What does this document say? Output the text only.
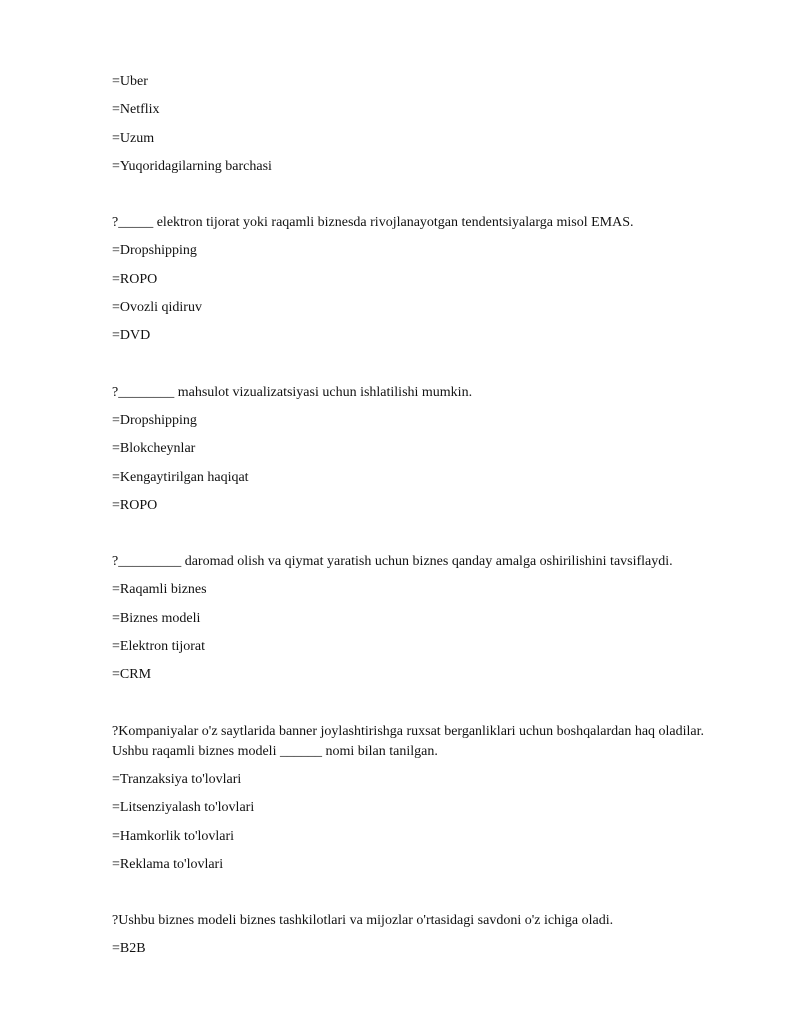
=Uber
=Netflix
=Uzum
=Yuqoridagilarning barchasi
?_____ elektron tijorat yoki raqamli biznesda rivojlanayotgan tendentsiyalarga misol EMAS.
=Dropshipping
=ROPO
=Ovozli qidiruv
=DVD
?________ mahsulot vizualizatsiyasi uchun ishlatilishi mumkin.
=Dropshipping
=Blokcheynlar
=Kengaytirilgan haqiqat
=ROPO
?_________ daromad olish va qiymat yaratish uchun biznes qanday amalga oshirilishini tavsiflaydi.
=Raqamli biznes
=Biznes modeli
=Elektron tijorat
=CRM
?Kompaniyalar o'z saytlarida banner joylashtirishga ruxsat berganliklari uchun boshqalardan haq oladilar. Ushbu raqamli biznes modeli ______ nomi bilan tanilgan.
=Tranzaksiya to'lovlari
=Litsenziyalash to'lovlari
=Hamkorlik to'lovlari
=Reklama to'lovlari
?Ushbu biznes modeli biznes tashkilotlari va mijozlar o'rtasidagi savdoni o'z ichiga oladi.
=B2B
